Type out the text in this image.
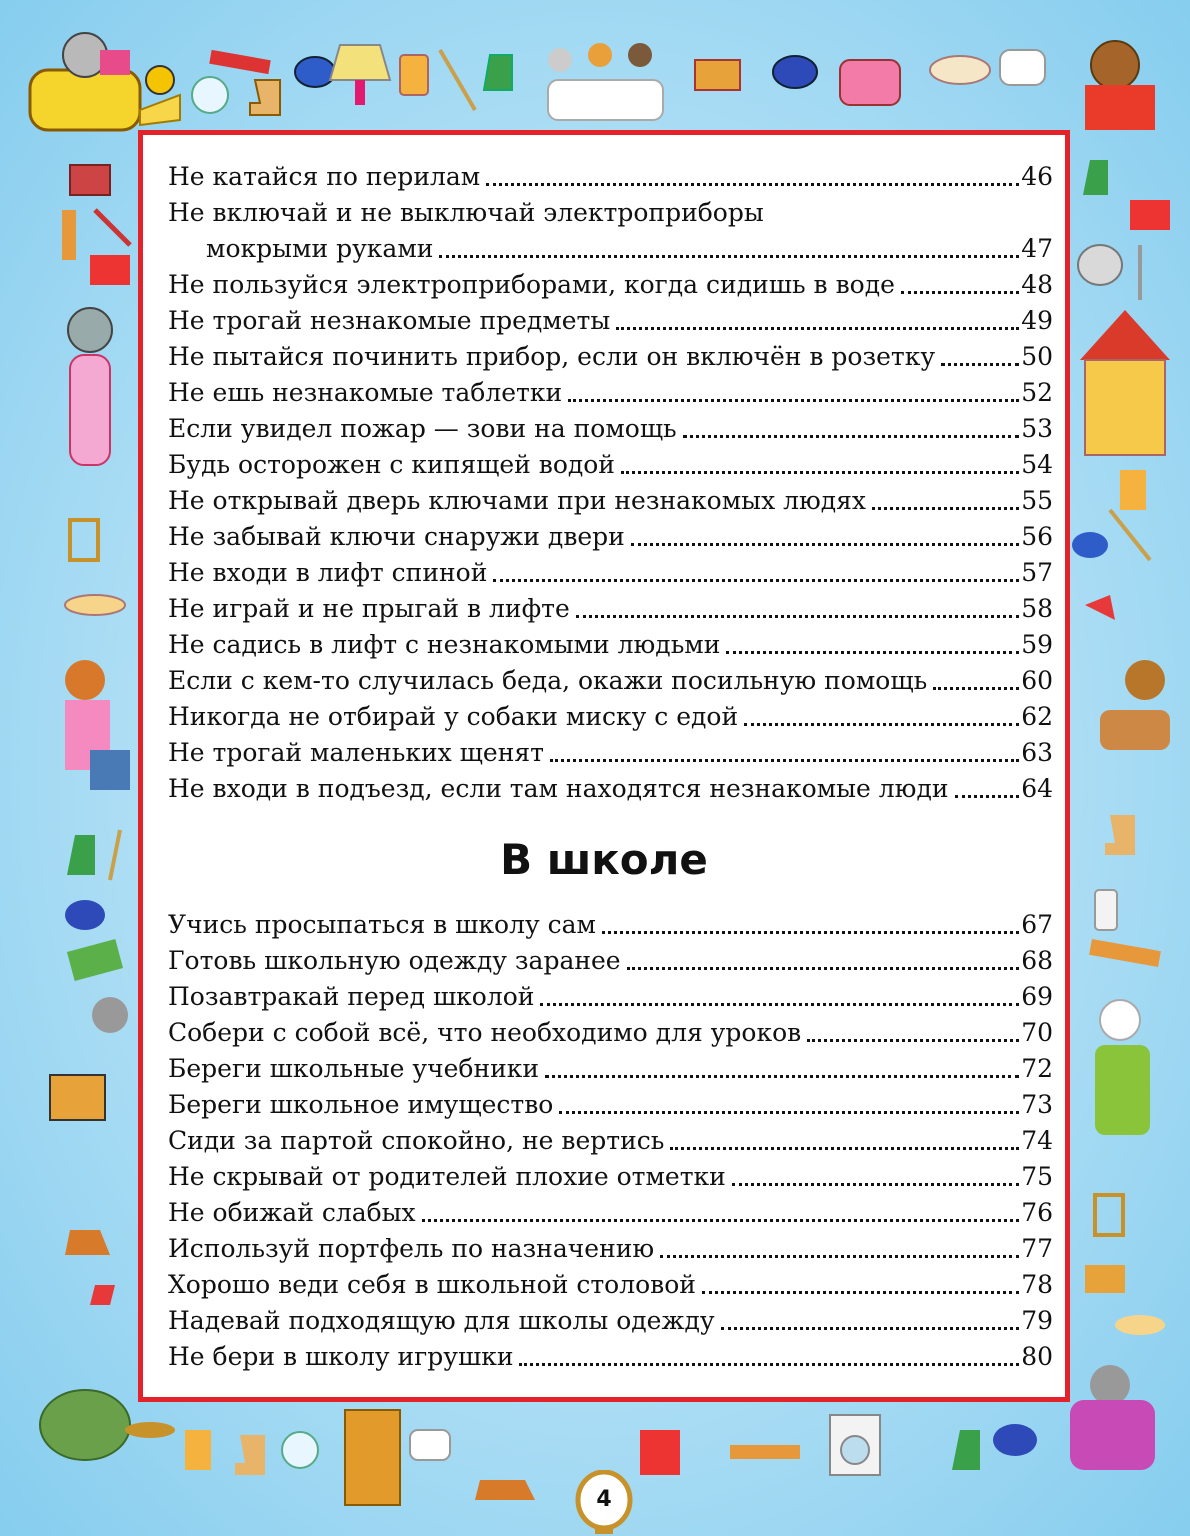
Не катайся по перилам	46
Не включай и не выключай электроприборы
мокрыми руками	47
Не пользуйся электроприборами, когда сидишь в воде	48
Не трогай незнакомые предметы	49
Не пытайся починить прибор, если он включён в розетку	50
Не ешь незнакомые таблетки	52
Если увидел пожар — зови на помощь	53
Будь осторожен с кипящей водой	54
Не открывай дверь ключами при незнакомых людях	55
Не забывай ключи снаружи двери	56
Не входи в лифт спиной	57
Не играй и не прыгай в лифте	58
Не садись в лифт с незнакомыми людьми	59
Если с кем-то случилась беда, окажи посильную помощь	60
Никогда не отбирай у собаки миску с едой	62
Не трогай маленьких щенят	63
Не входи в подъезд, если там находятся незнакомые люди	64
В школе
Учись просыпаться в школу сам	67
Готовь школьную одежду заранее	68
Позавтракай перед школой	69
Собери с собой всё, что необходимо для уроков	70
Береги школьные учебники	72
Береги школьное имущество	73
Сиди за партой спокойно, не вертись	74
Не скрывай от родителей плохие отметки	75
Не обижай слабых	76
Используй портфель по назначению	77
Хорошо веди себя в школьной столовой	78
Надевай подходящую для школы одежду	79
Не бери в школу игрушки	80
4
